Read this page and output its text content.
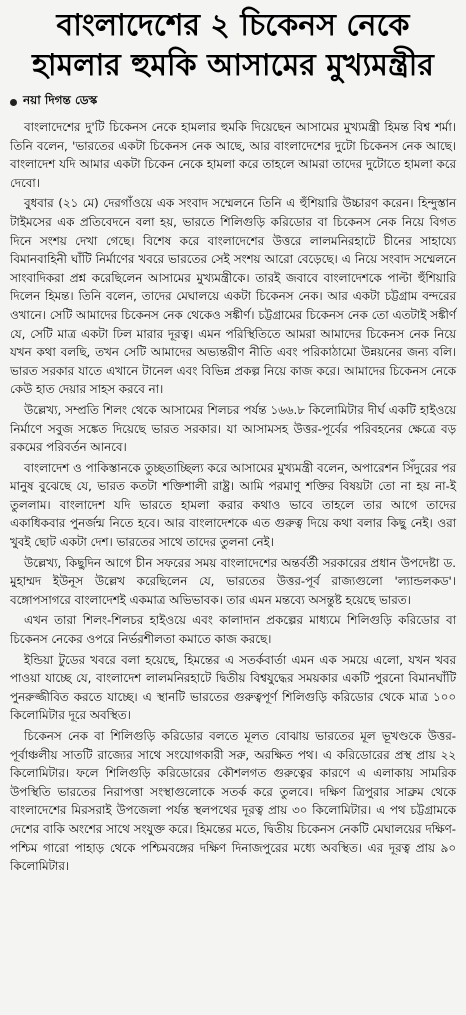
বাংলাদেশের ২ চিকেনস নেকে
হামলার হুমকি আসামের মুখ্যমন্ত্রীর
নয়া দিগন্ত ডেস্ক

বাংলাদেশের দু'টি চিকেনস নেকে হামলার হুমকি দিয়েছেন আসামের মুখ্যমন্ত্রী হিমন্ত বিশ্ব শর্মা। তিনি বলেন, 'ভারতের একটা চিকেনস নেক আছে, আর বাংলাদেশের দুটো চিকেনস নেক আছে। বাংলাদেশ যদি আমার একটা চিকেন নেকে হামলা করে তাহলে আমরা তাদের দুটোতে হামলা করে দেবো।

বুধবার (২১ মে) দেরগাঁওয়ে এক সংবাদ সম্মেলনে তিনি এ হুঁশিয়ারি উচ্চারণ করেন। হিন্দুস্তান টাইমসের এক প্রতিবেদনে বলা হয়, ভারতে শিলিগুড়ি করিডোর বা চিকেনস নেক নিয়ে বিগত দিনে সংশয় দেখা গেছে। বিশেষ করে বাংলাদেশের উত্তরে লালমনিরহাটে চীনের সাহায্যে বিমানবাহিনী ঘাঁটি নির্মাণের খবরে ভারতের সেই সংশয় আরো বেড়েছে। এ নিয়ে সংবাদ সম্মেলনে সাংবাদিকরা প্রশ্ন করেছিলেন আসামের মুখ্যমন্ত্রীকে। তারই জবাবে বাংলাদেশকে পাল্টা হুঁশিয়ারি দিলেন হিমন্ত। তিনি বলেন, তাদের মেঘালয়ে একটা চিকেনস নেক। আর একটা চট্টগ্রাম বন্দরের ওখানে। সেটি আমাদের চিকেনস নেক থেকেও সঙ্কীর্ণ। চট্টগ্রামের চিকেনস নেক তো এতটাই সঙ্কীর্ণ যে, সেটি মাত্র একটা ঢিল মারার দূরত্ব। এমন পরিস্থিতিতে আমরা আমাদের চিকেনস নেক নিয়ে যখন কথা বলছি, তখন সেটি আমাদের অভ্যন্তরীণ নীতি এবং পরিকাঠামো উন্নয়নের জন্য বলি। ভারত সরকার যাতে এখানে টানেল এবং বিভিন্ন প্রকল্প নিয়ে কাজ করে। আমাদের চিকেনস নেকে কেউ হাত দেয়ার সাহস করবে না।

উল্লেখ্য, সম্প্রতি শিলং থেকে আসামের শিলচর পর্যন্ত ১৬৬.৮ কিলোমিটার দীর্ঘ একটি হাইওয়ে নির্মাণে সবুজ সঙ্কেত দিয়েছে ভারত সরকার। যা আসামসহ উত্তর-পূর্বের পরিবহনের ক্ষেত্রে বড় রকমের পরিবর্তন আনবে।

বাংলাদেশ ও পাকিস্তানকে তুচ্ছতাচ্ছিল্য করে আসামের মুখ্যমন্ত্রী বলেন, অপারেশন সিঁদুরের পর মানুষ বুঝেছে যে, ভারত কতটা শক্তিশালী রাষ্ট্র। আমি পরমাণু শক্তির বিষয়টা তো না হয় না-ই তুললাম। বাংলাদেশ যদি ভারতে হামলা করার কথাও ভাবে তাহলে তার আগে তাদের একাধিকবার পুনর্জন্ম নিতে হবে। আর বাংলাদেশকে এত গুরুত্ব দিয়ে কথা বলার কিছু নেই। ওরা খুবই ছোট একটা দেশ। ভারতের সাথে তাদের তুলনা নেই।

উল্লেখ্য, কিছুদিন আগে চীন সফরের সময় বাংলাদেশের অন্তর্বর্তী সরকারের প্রধান উপদেষ্টা ড. মুহাম্মদ ইউনূস উল্লেখ করেছিলেন যে, ভারতের উত্তর-পূর্ব রাজ্যগুলো 'ল্যান্ডলকড'। বঙ্গোপসাগরে বাংলাদেশই একমাত্র অভিভাবক। তার এমন মন্তব্যে অসন্তুষ্ট হয়েছে ভারত।

এখন তারা শিলং-শিলচর হাইওয়ে এবং কালাদান প্রকল্পের মাধ্যমে শিলিগুড়ি করিডোর বা চিকেনস নেকের ওপরে নির্ভরশীলতা কমাতে কাজ করছে।

ইন্ডিয়া টুডের খবরে বলা হয়েছে, হিমন্তের এ সতর্কবার্তা এমন এক সময়ে এলো, যখন খবর পাওয়া যাচ্ছে যে, বাংলাদেশ লালমনিরহাটে দ্বিতীয় বিশ্বযুদ্ধের সময়কার একটি পুরনো বিমানঘাঁটি পুনরুজ্জীবিত করতে যাচ্ছে। এ স্থানটি ভারতের গুরুত্বপূর্ণ শিলিগুড়ি করিডোর থেকে মাত্র ১০০ কিলোমিটার দূরে অবস্থিত।

চিকেনস নেক বা শিলিগুড়ি করিডোর বলতে মূলত বোঝায় ভারতের মূল ভূখণ্ডকে উত্তর-পূর্বাঞ্চলীয় সাতটি রাজ্যের সাথে সংযোগকারী সরু, অরক্ষিত পথ। এ করিডোরের প্রস্থ প্রায় ২২ কিলোমিটার। ফলে শিলিগুড়ি করিডোরের কৌশলগত গুরুত্বের কারণে এ এলাকায় সামরিক উপস্থিতি ভারতের নিরাপত্তা সংস্থাগুলোকে সতর্ক করে তুলবে। দক্ষিণ ত্রিপুরার সাব্রুম থেকে বাংলাদেশের মিরসরাই উপজেলা পর্যন্ত স্থলপথের দূরত্ব প্রায় ৩০ কিলোমিটার। এ পথ চট্টগ্রামকে দেশের বাকি অংশের সাথে সংযুক্ত করে। হিমন্তের মতে, দ্বিতীয় চিকেনস নেকটি মেঘালয়ের দক্ষিণ-পশ্চিম গারো পাহাড় থেকে পশ্চিমবঙ্গের দক্ষিণ দিনাজপুরের মধ্যে অবস্থিত। এর দূরত্ব প্রায় ৯০ কিলোমিটার।
